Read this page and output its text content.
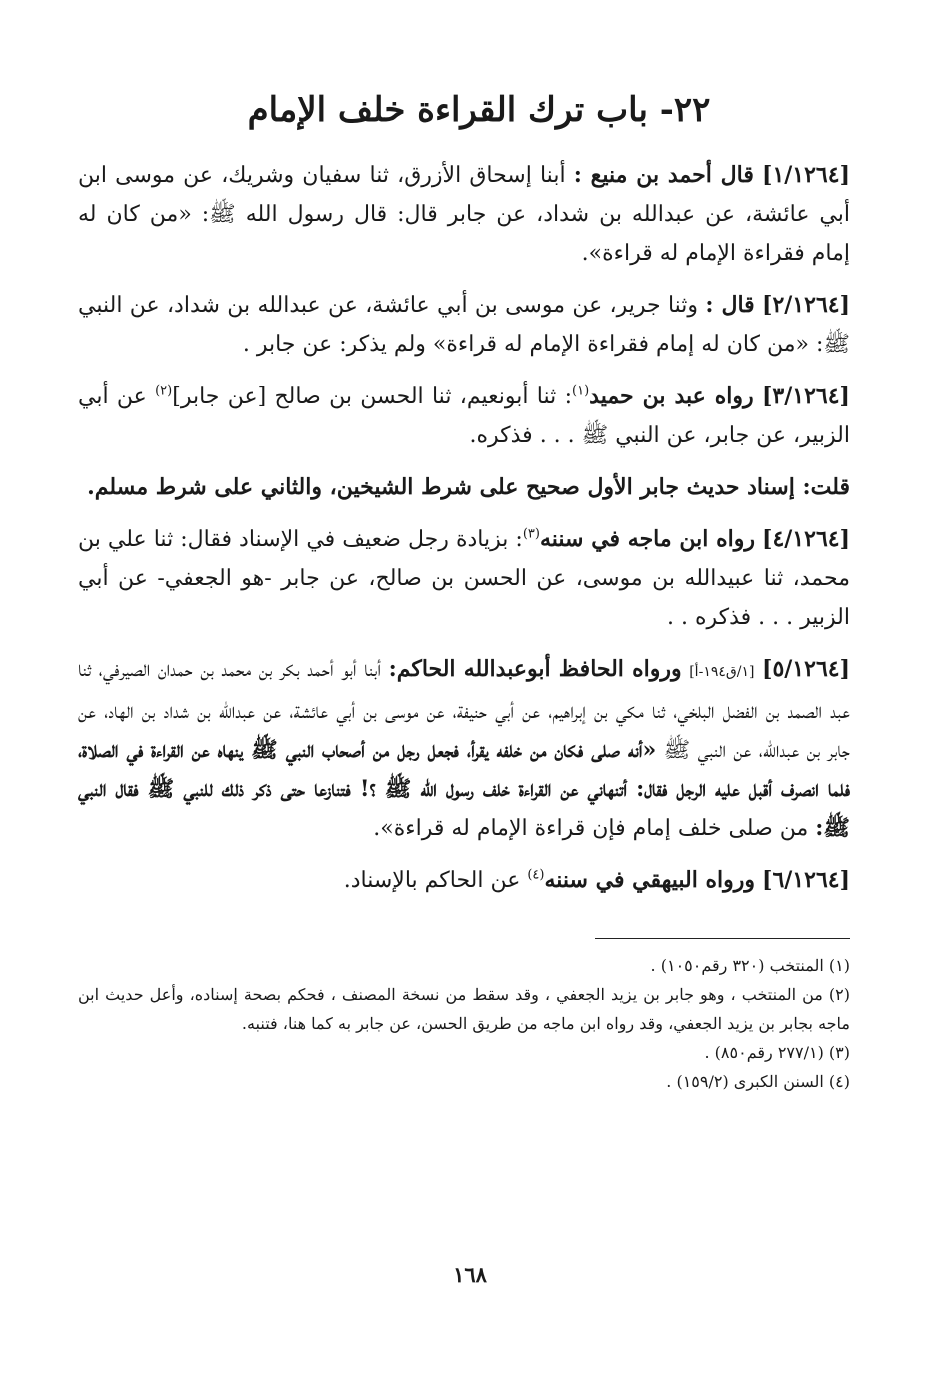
٢٢- باب ترك القراءة خلف الإمام

[١/١٢٦٤] قال أحمد بن منيع : أبنا إسحاق الأزرق، ثنا سفيان وشريك، عن موسى ابن أبي عائشة، عن عبدالله بن شداد، عن جابر قال: قال رسول الله ﷺ: «من كان له إمام فقراءة الإمام له قراءة».

[٢/١٢٦٤] قال : وثنا جرير، عن موسى بن أبي عائشة، عن عبدالله بن شداد، عن النبي ﷺ: «من كان له إمام فقراءة الإمام له قراءة» ولم يذكر: عن جابر .

[٣/١٢٦٤] رواه عبد بن حميد$^{(١)}$: ثنا أبونعيم، ثنا الحسن بن صالح [عن جابر]$^{(٢)}$ عن أبي الزبير، عن جابر، عن النبي ﷺ . . . فذكره.

قلت: إسناد حديث جابر الأول صحيح على شرط الشيخين، والثاني على شرط مسلم.

[٤/١٢٦٤] رواه ابن ماجه في سننه$^{(٣)}$: بزيادة رجل ضعيف في الإسناد فقال: ثنا علي بن محمد، ثنا عبيدالله بن موسى، عن الحسن بن صالح، عن جابر -هو الجعفي- عن أبي الزبير . . . فذكره . .

[٥/١٢٦٤] [١/ق١٩٤-أ] ورواه الحافظ أبوعبدالله الحاكم: أبنا أبو أحمد بكر بن محمد بن حمدان الصيرفي، ثنا عبد الصمد بن الفضل البلخي، ثنا مكي بن إبراهيم، عن أبي حنيفة، عن موسى بن أبي عائشة، عن عبدالله بن شداد بن الهاد، عن جابر بن عبدالله، عن النبي ﷺ «أنه صلى فكان من خلفه يقرأ، فجعل رجل من أصحاب النبي ﷺ ينهاه عن القراءة في الصلاة، فلما انصرف أقبل عليه الرجل فقال: أتنهاني عن القراءة خلف رسول الله ﷺ ؟! فتنازعا حتى ذكر ذلك للنبي ﷺ فقال النبي ﷺ: من صلى خلف إمام فإن قراءة الإمام له قراءة».

[٦/١٢٦٤] ورواه البيهقي في سننه$^{(٤)}$ عن الحاكم بالإسناد.

(١) المنتخب (٣٢٠ رقم١٠٥٠) .

(٢) من المنتخب ، وهو جابر بن يزيد الجعفي ، وقد سقط من نسخة المصنف ، فحكم بصحة إسناده، وأعل حديث ابن ماجه بجابر بن يزيد الجعفي، وقد رواه ابن ماجه من طريق الحسن، عن جابر به كما هنا، فتنبه.

(٣) (٢٧٧/١ رقم٨٥٠) .

(٤) السنن الكبرى (١٥٩/٢) .

١٦٨
